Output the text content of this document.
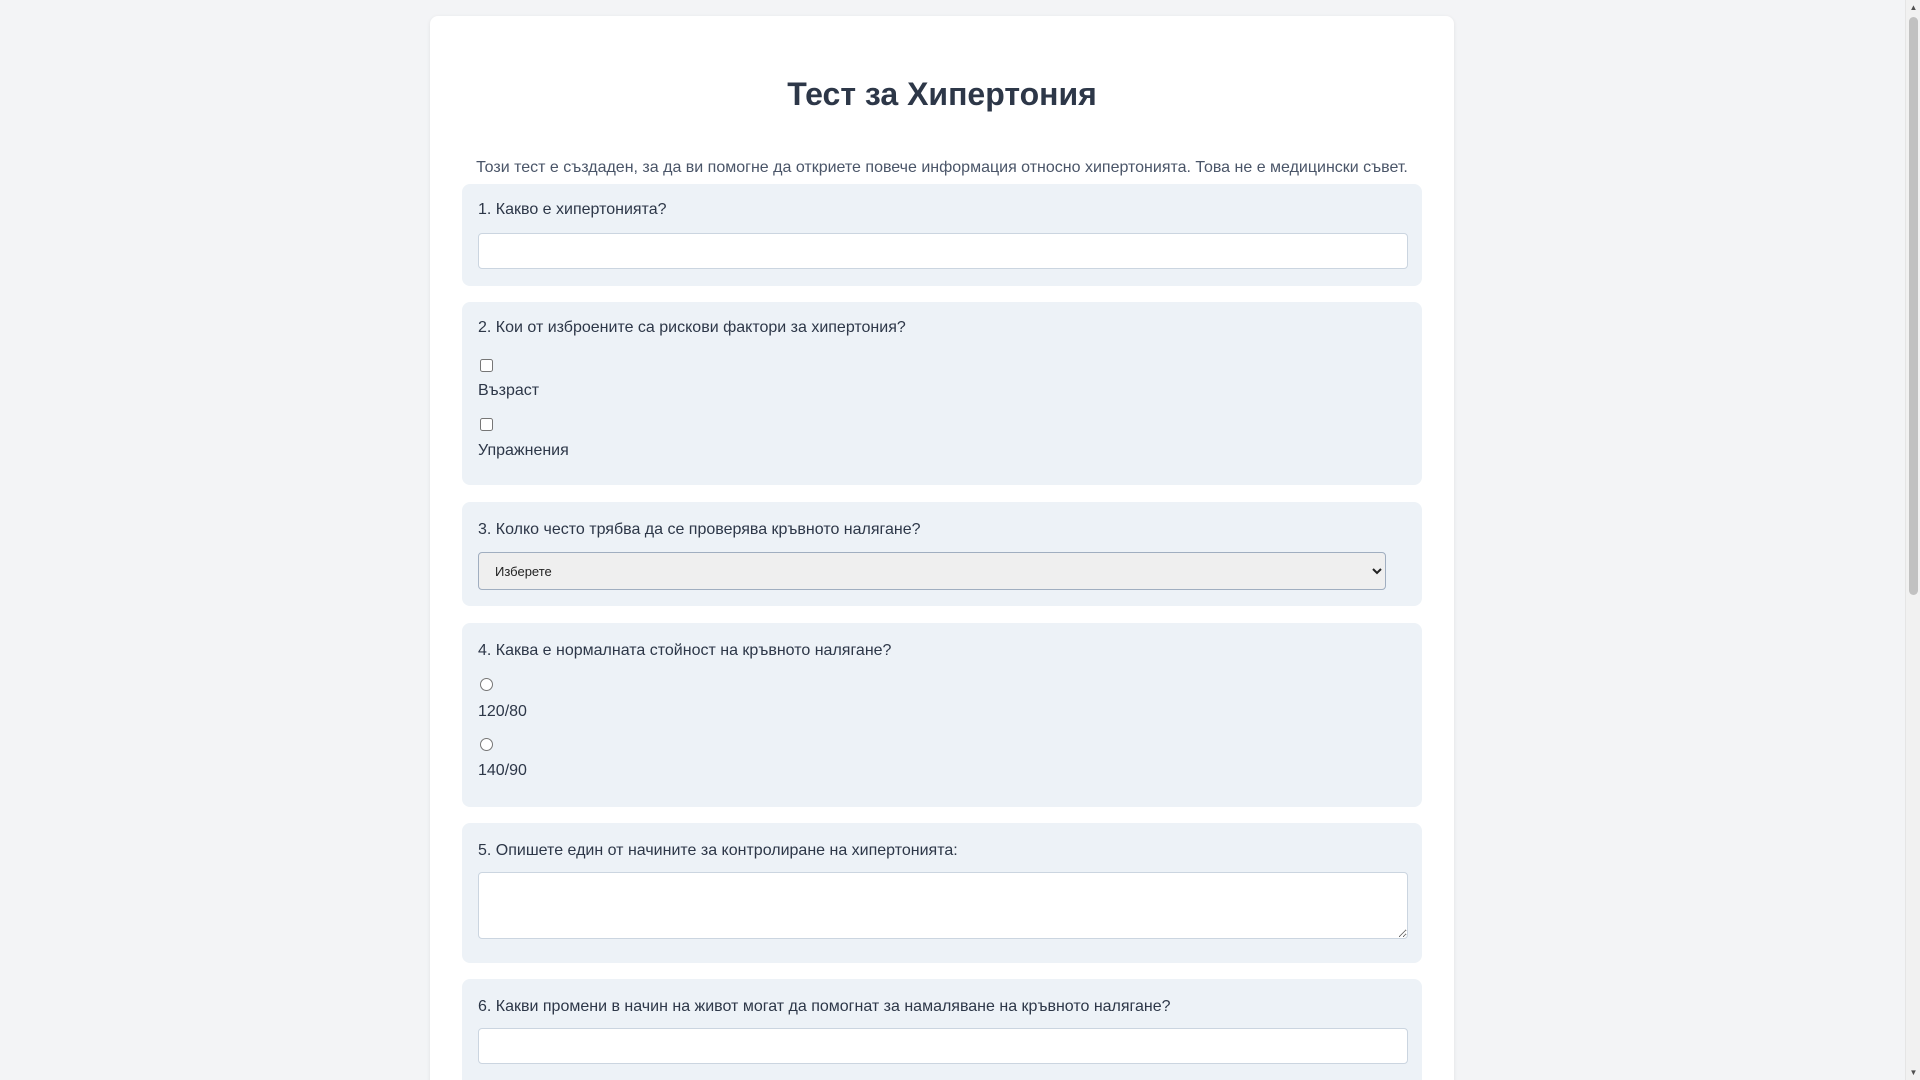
Тест за Хипертония

Този тест е създаден, за да ви помогне да откриете повече информация относно хипертонията. Това не е медицински съвет.

1. Какво е хипертонията?
2. Кои от изброените са рискови фактори за хипертония?
Възраст
Упражнения
3. Колко често трябва да се проверява кръвното налягане?
Изберете
4. Каква е нормалната стойност на кръвното налягане?
120/80
140/90
5. Опишете един от начините за контролиране на хипертонията:
6. Какви промени в начин на живот могат да помогнат за намаляване на кръвното налягане?
▲
▼
